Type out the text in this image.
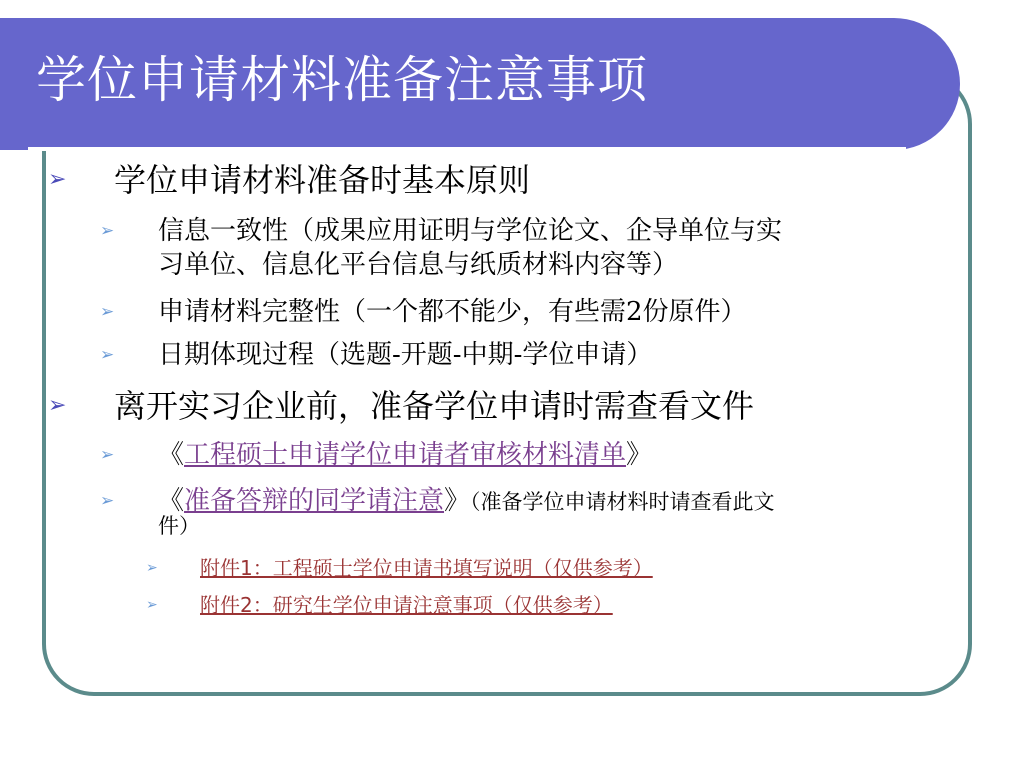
学位申请材料准备注意事项
➢	学位申请材料准备时基本原则
➢	信息一致性（成果应用证明与学位论文、企导单位与实
习单位、信息化平台信息与纸质材料内容等）
➢	申请材料完整性（一个都不能少，有些需2份原件）
➢	日期体现过程（选题-开题-中期-学位申请）
➢	离开实习企业前，准备学位申请时需查看文件
➢	《工程硕士申请学位申请者审核材料清单》
➢	《准备答辩的同学请注意》（准备学位申请材料时请查看此文
件）
➢	附件1：工程硕士学位申请书填写说明（仅供参考）
➢	附件2：研究生学位申请注意事项（仅供参考）
